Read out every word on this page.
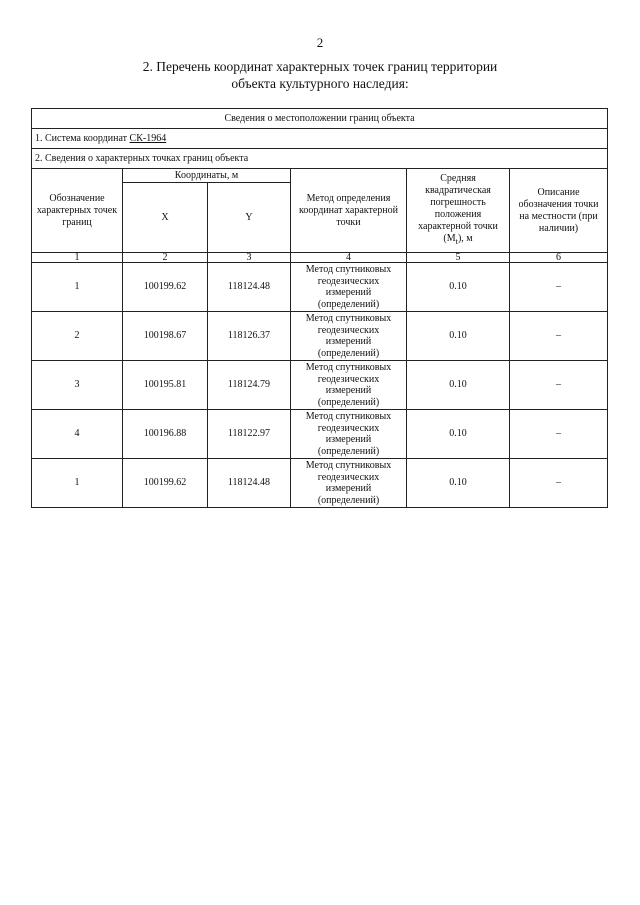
2
2. Перечень координат характерных точек границ территории
объекта культурного наследия:
Сведения о местоположении границ объекта					
1. Система координат СК-1964					
2. Сведения о характерных точках границ объекта					
Обозначение характерных точек границ	Координаты, м		Метод определения координат характерной точки	Средняя квадратическая погрешность положения характерной точки $(M_t)$, м	Описание обозначения точки на местности (при наличии)
	X	Y			
1	2	3	4	5	6
1	100199.62	118124.48	Метод спутниковых геодезических измерений (определений)	0.10	–
2	100198.67	118126.37	Метод спутниковых геодезических измерений (определений)	0.10	–
3	100195.81	118124.79	Метод спутниковых геодезических измерений (определений)	0.10	–
4	100196.88	118122.97	Метод спутниковых геодезических измерений (определений)	0.10	–
1	100199.62	118124.48	Метод спутниковых геодезических измерений (определений)	0.10	–
